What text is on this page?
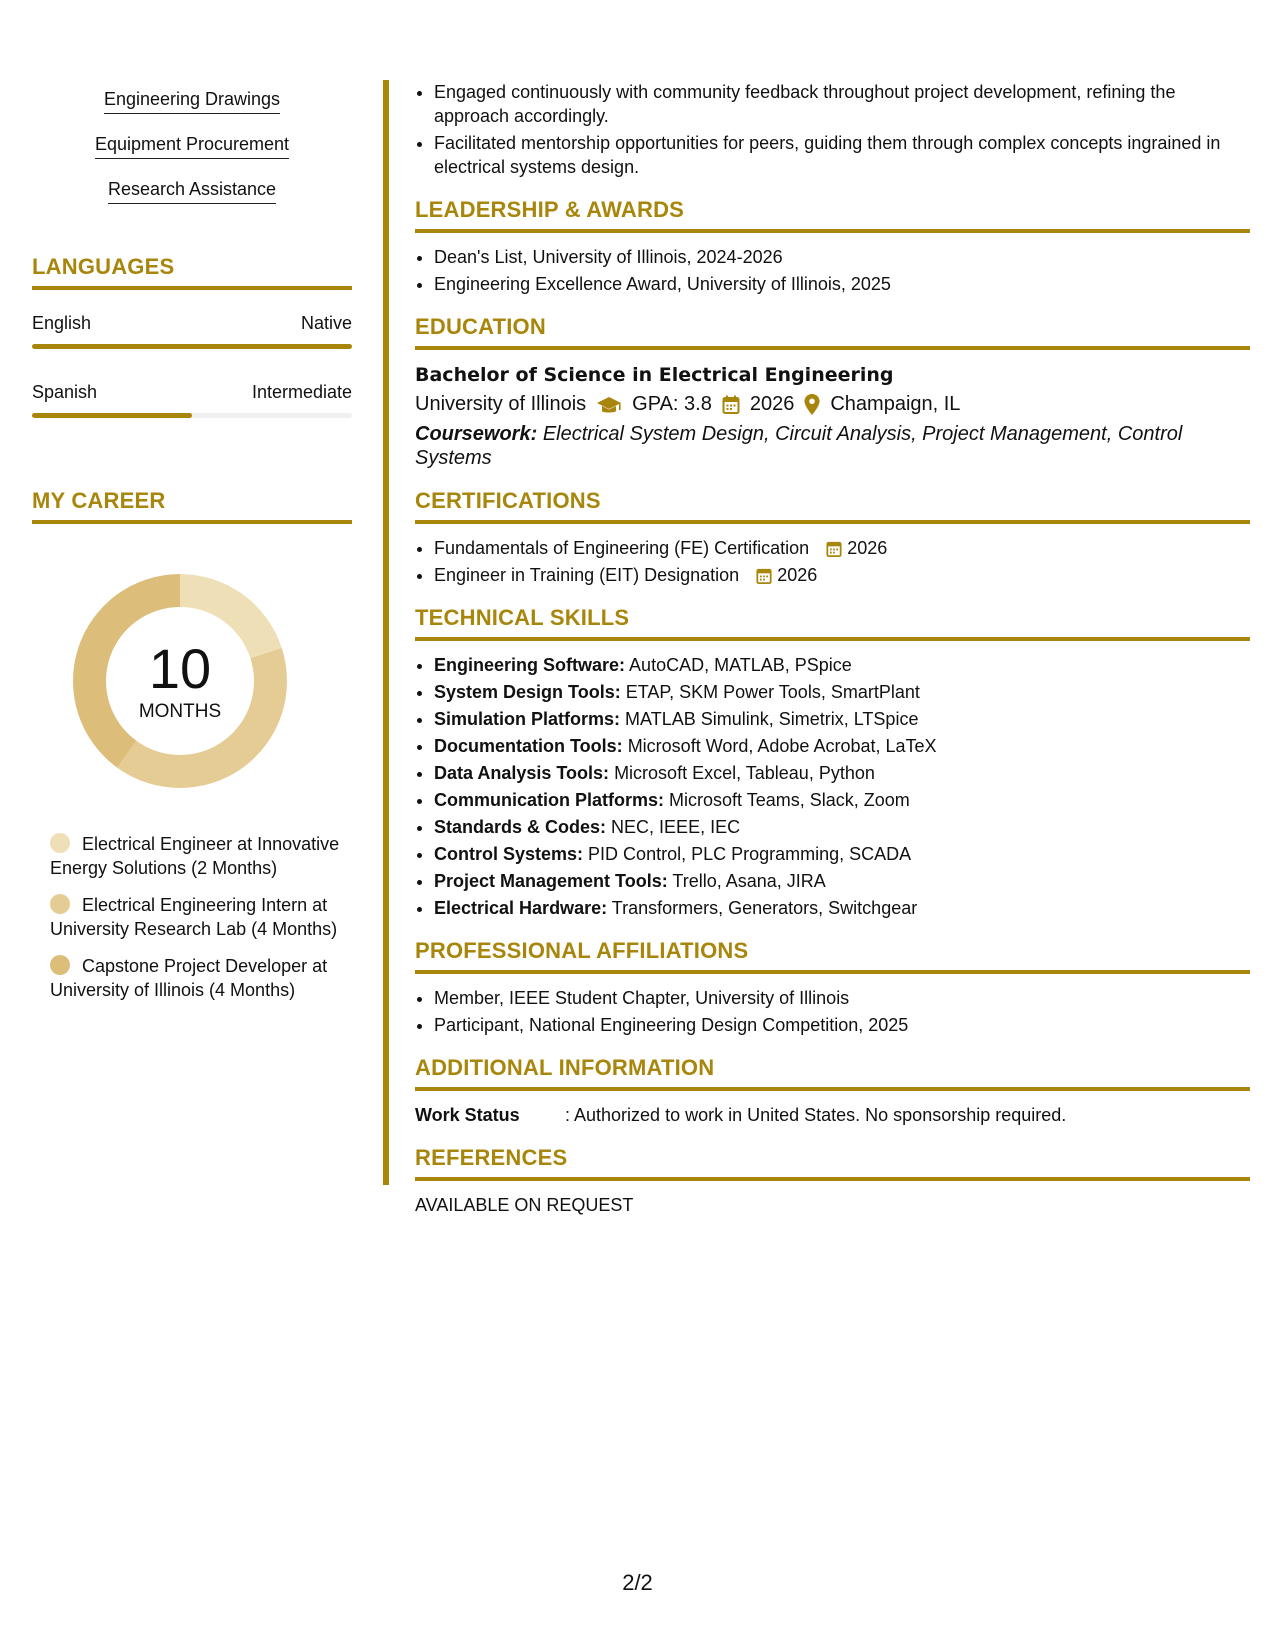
Engineering Drawings
Equipment Procurement
Research Assistance
LANGUAGES
English	Native
Spanish	Intermediate
MY CAREER
10
MONTHS
Electrical Engineer at Innovative Energy Solutions (2 Months)
Electrical Engineering Intern at University Research Lab (4 Months)
Capstone Project Developer at University of Illinois (4 Months)
• Engaged continuously with community feedback throughout project development, refining the approach accordingly.
• Facilitated mentorship opportunities for peers, guiding them through complex concepts ingrained in electrical systems design.
LEADERSHIP & AWARDS
• Dean's List, University of Illinois, 2024-2026
• Engineering Excellence Award, University of Illinois, 2025
EDUCATION
Bachelor of Science in Electrical Engineering
University of Illinois GPA: 3.8 2026 Champaign, IL
Coursework: Electrical System Design, Circuit Analysis, Project Management, Control Systems
CERTIFICATIONS
• Fundamentals of Engineering (FE) Certification 2026
• Engineer in Training (EIT) Designation 2026
TECHNICAL SKILLS
• Engineering Software: AutoCAD, MATLAB, PSpice
• System Design Tools: ETAP, SKM Power Tools, SmartPlant
• Simulation Platforms: MATLAB Simulink, Simetrix, LTSpice
• Documentation Tools: Microsoft Word, Adobe Acrobat, LaTeX
• Data Analysis Tools: Microsoft Excel, Tableau, Python
• Communication Platforms: Microsoft Teams, Slack, Zoom
• Standards & Codes: NEC, IEEE, IEC
• Control Systems: PID Control, PLC Programming, SCADA
• Project Management Tools: Trello, Asana, JIRA
• Electrical Hardware: Transformers, Generators, Switchgear
PROFESSIONAL AFFILIATIONS
• Member, IEEE Student Chapter, University of Illinois
• Participant, National Engineering Design Competition, 2025
ADDITIONAL INFORMATION
Work Status	: Authorized to work in United States. No sponsorship required.
REFERENCES
AVAILABLE ON REQUEST
2/2
